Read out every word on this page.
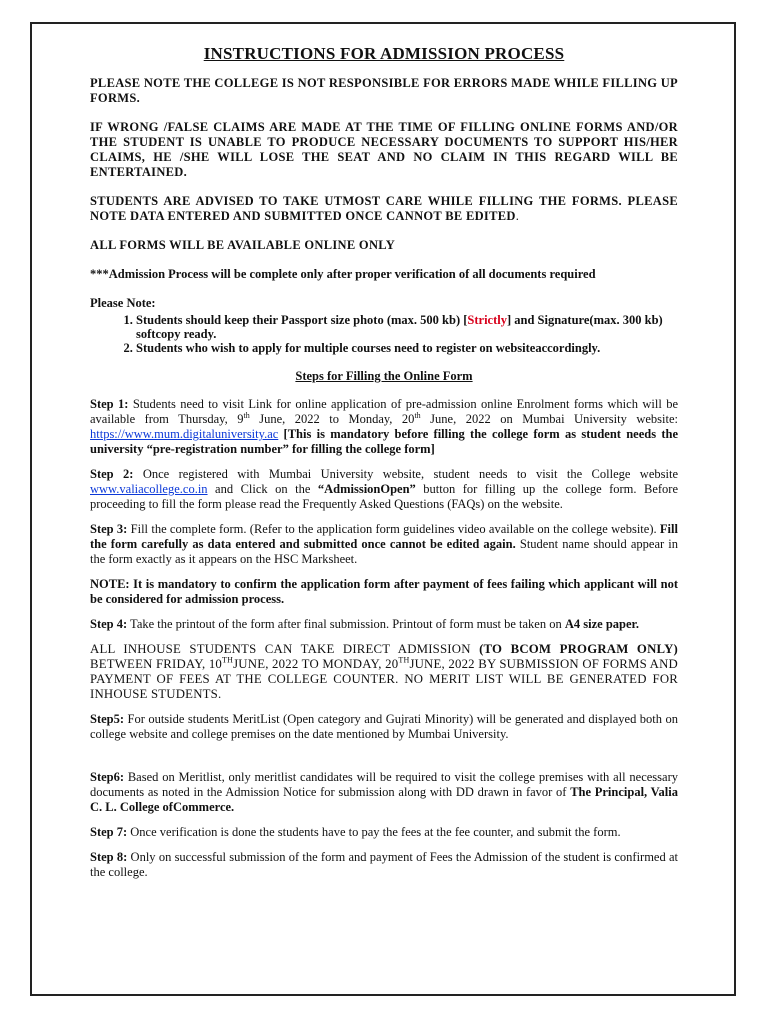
INSTRUCTIONS FOR ADMISSION PROCESS

PLEASE NOTE THE COLLEGE IS NOT RESPONSIBLE FOR ERRORS MADE WHILE FILLING UP FORMS.

IF WRONG /FALSE CLAIMS ARE MADE AT THE TIME OF FILLING ONLINE FORMS AND/OR THE STUDENT IS UNABLE TO PRODUCE NECESSARY DOCUMENTS TO SUPPORT HIS/HER CLAIMS, HE /SHE WILL LOSE THE SEAT AND NO CLAIM IN THIS REGARD WILL BE ENTERTAINED.

STUDENTS ARE ADVISED TO TAKE UTMOST CARE WHILE FILLING THE FORMS. PLEASE NOTE DATA ENTERED AND SUBMITTED ONCE CANNOT BE EDITED.

ALL FORMS WILL BE AVAILABLE ONLINE ONLY

***Admission Process will be complete only after proper verification of all documents required

Please Note:

1. Students should keep their Passport size photo (max. 500 kb) [Strictly] and Signature(max. 300 kb) softcopy ready.
2. Students who wish to apply for multiple courses need to register on websiteaccordingly.
Steps for Filling the Online Form

Step 1: Students need to visit Link for online application of pre-admission online Enrolment forms which will be available from Thursday, 9th June, 2022 to Monday, 20th June, 2022 on Mumbai University website: https://www.mum.digitaluniversity.ac [This is mandatory before filling the college form as student needs the university “pre-registration number” for filling the college form]

Step 2: Once registered with Mumbai University website, student needs to visit the College website www.valiacollege.co.in and Click on the “AdmissionOpen” button for filling up the college form. Before proceeding to fill the form please read the Frequently Asked Questions (FAQs) on the website.

Step 3: Fill the complete form. (Refer to the application form guidelines video available on the college website). Fill the form carefully as data entered and submitted once cannot be edited again. Student name should appear in the form exactly as it appears on the HSC Marksheet.

NOTE: It is mandatory to confirm the application form after payment of fees failing which applicant will not be considered for admission process.

Step 4: Take the printout of the form after final submission. Printout of form must be taken on A4 size paper.

ALL INHOUSE STUDENTS CAN TAKE DIRECT ADMISSION (TO BCOM PROGRAM ONLY) BETWEEN FRIDAY, 10THJUNE, 2022 TO MONDAY, 20THJUNE, 2022 BY SUBMISSION OF FORMS AND PAYMENT OF FEES AT THE COLLEGE COUNTER. NO MERIT LIST WILL BE GENERATED FOR INHOUSE STUDENTS.

Step5: For outside students MeritList (Open category and Gujrati Minority) will be generated and displayed both on college website and college premises on the date mentioned by Mumbai University.

Step6: Based on Meritlist, only meritlist candidates will be required to visit the college premises with all necessary documents as noted in the Admission Notice for submission along with DD drawn in favor of The Principal, Valia C. L. College ofCommerce.

Step 7: Once verification is done the students have to pay the fees at the fee counter, and submit the form.

Step 8: Only on successful submission of the form and payment of Fees the Admission of the student is confirmed at the college.
